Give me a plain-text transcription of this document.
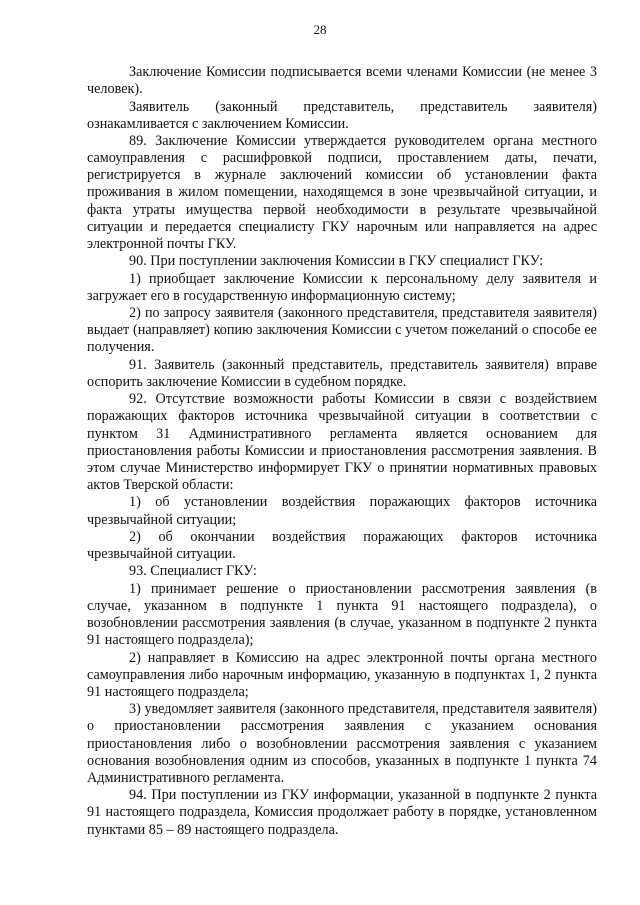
28

Заключение Комиссии подписывается всеми членами Комиссии (не менее 3 человек).

Заявитель (законный представитель, представитель заявителя) ознакамливается с заключением Комиссии.

89. Заключение Комиссии утверждается руководителем органа местного самоуправления с расшифровкой подписи, проставлением даты, печати, регистрируется в журнале заключений комиссии об установлении факта проживания в жилом помещении, находящемся в зоне чрезвычайной ситуации, и факта утраты имущества первой необходимости в результате чрезвычайной ситуации и передается специалисту ГКУ нарочным или направляется на адрес электронной почты ГКУ.

90. При поступлении заключения Комиссии в ГКУ специалист ГКУ:

1) приобщает заключение Комиссии к персональному делу заявителя и загружает его в государственную информационную систему;

2) по запросу заявителя (законного представителя, представителя заявителя) выдает (направляет) копию заключения Комиссии с учетом пожеланий о способе ее получения.

91. Заявитель (законный представитель, представитель заявителя) вправе оспорить заключение Комиссии в судебном порядке.

92. Отсутствие возможности работы Комиссии в связи с воздействием поражающих факторов источника чрезвычайной ситуации в соответствии с пунктом 31 Административного регламента является основанием для приостановления работы Комиссии и приостановления рассмотрения заявления. В этом случае Министерство информирует ГКУ о принятии нормативных правовых актов Тверской области:

1) об установлении воздействия поражающих факторов источника чрезвычайной ситуации;

2) об окончании воздействия поражающих факторов источника чрезвычайной ситуации.

93. Специалист ГКУ:

1) принимает решение о приостановлении рассмотрения заявления (в случае, указанном в подпункте 1 пункта 91 настоящего подраздела), о возобновлении рассмотрения заявления (в случае, указанном в подпункте 2 пункта 91 настоящего подраздела);

2) направляет в Комиссию на адрес электронной почты органа местного самоуправления либо нарочным информацию, указанную в подпунктах 1, 2 пункта 91 настоящего подраздела;

3) уведомляет заявителя (законного представителя, представителя заявителя) о приостановлении рассмотрения заявления с указанием основания приостановления либо о возобновлении рассмотрения заявления с указанием основания возобновления одним из способов, указанных в подпункте 1 пункта 74 Административного регламента.

94. При поступлении из ГКУ информации, указанной в подпункте 2 пункта 91 настоящего подраздела, Комиссия продолжает работу в порядке, установленном пунктами 85 – 89 настоящего подраздела.
